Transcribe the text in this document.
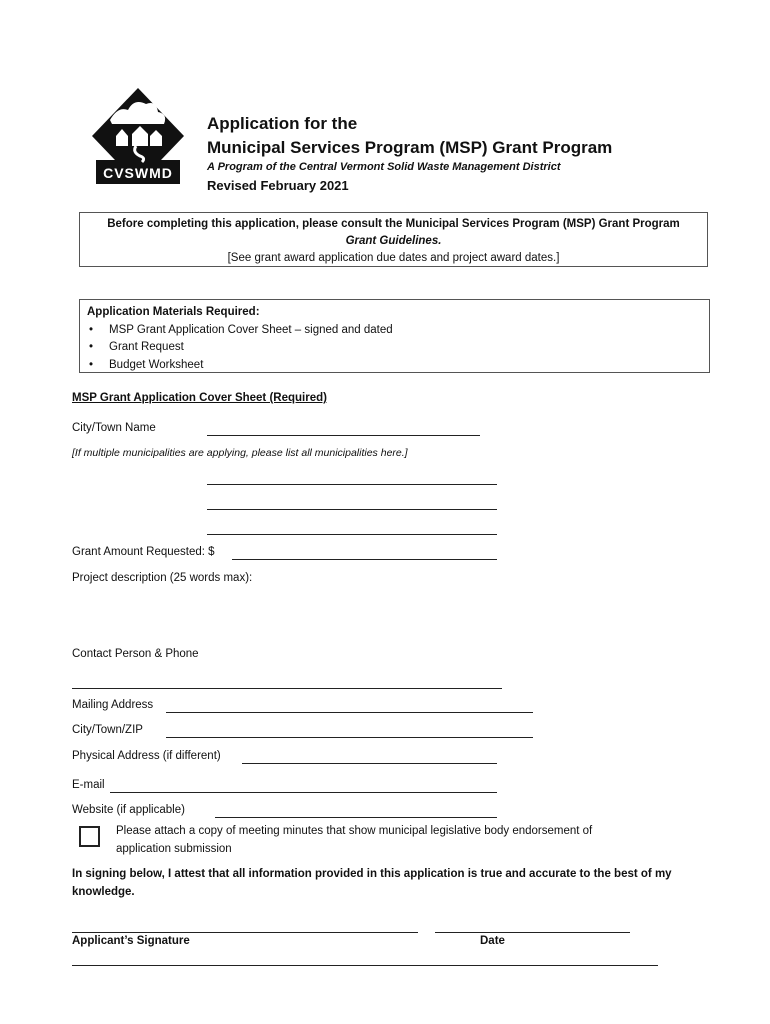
CVSWMD
Application for the
Municipal Services Program (MSP) Grant Program
A Program of the Central Vermont Solid Waste Management District
Revised February 2021
Before completing this application, please consult the Municipal Services Program (MSP) Grant Program
Grant Guidelines.
[See grant award application due dates and project award dates.]
Application Materials Required:
• MSP Grant Application Cover Sheet – signed and dated
• Grant Request
• Budget Worksheet
MSP Grant Application Cover Sheet (Required)
City/Town Name
[If multiple municipalities are applying, please list all municipalities here.]
Grant Amount Requested: $
Project description (25 words max):
Contact Person & Phone
Mailing Address
City/Town/ZIP
Physical Address (if different)
E-mail
Website (if applicable)
Please attach a copy of meeting minutes that show municipal legislative body endorsement of
application submission
In signing below, I attest that all information provided in this application is true and accurate to the best of my knowledge.
Applicant’s Signature	Date
